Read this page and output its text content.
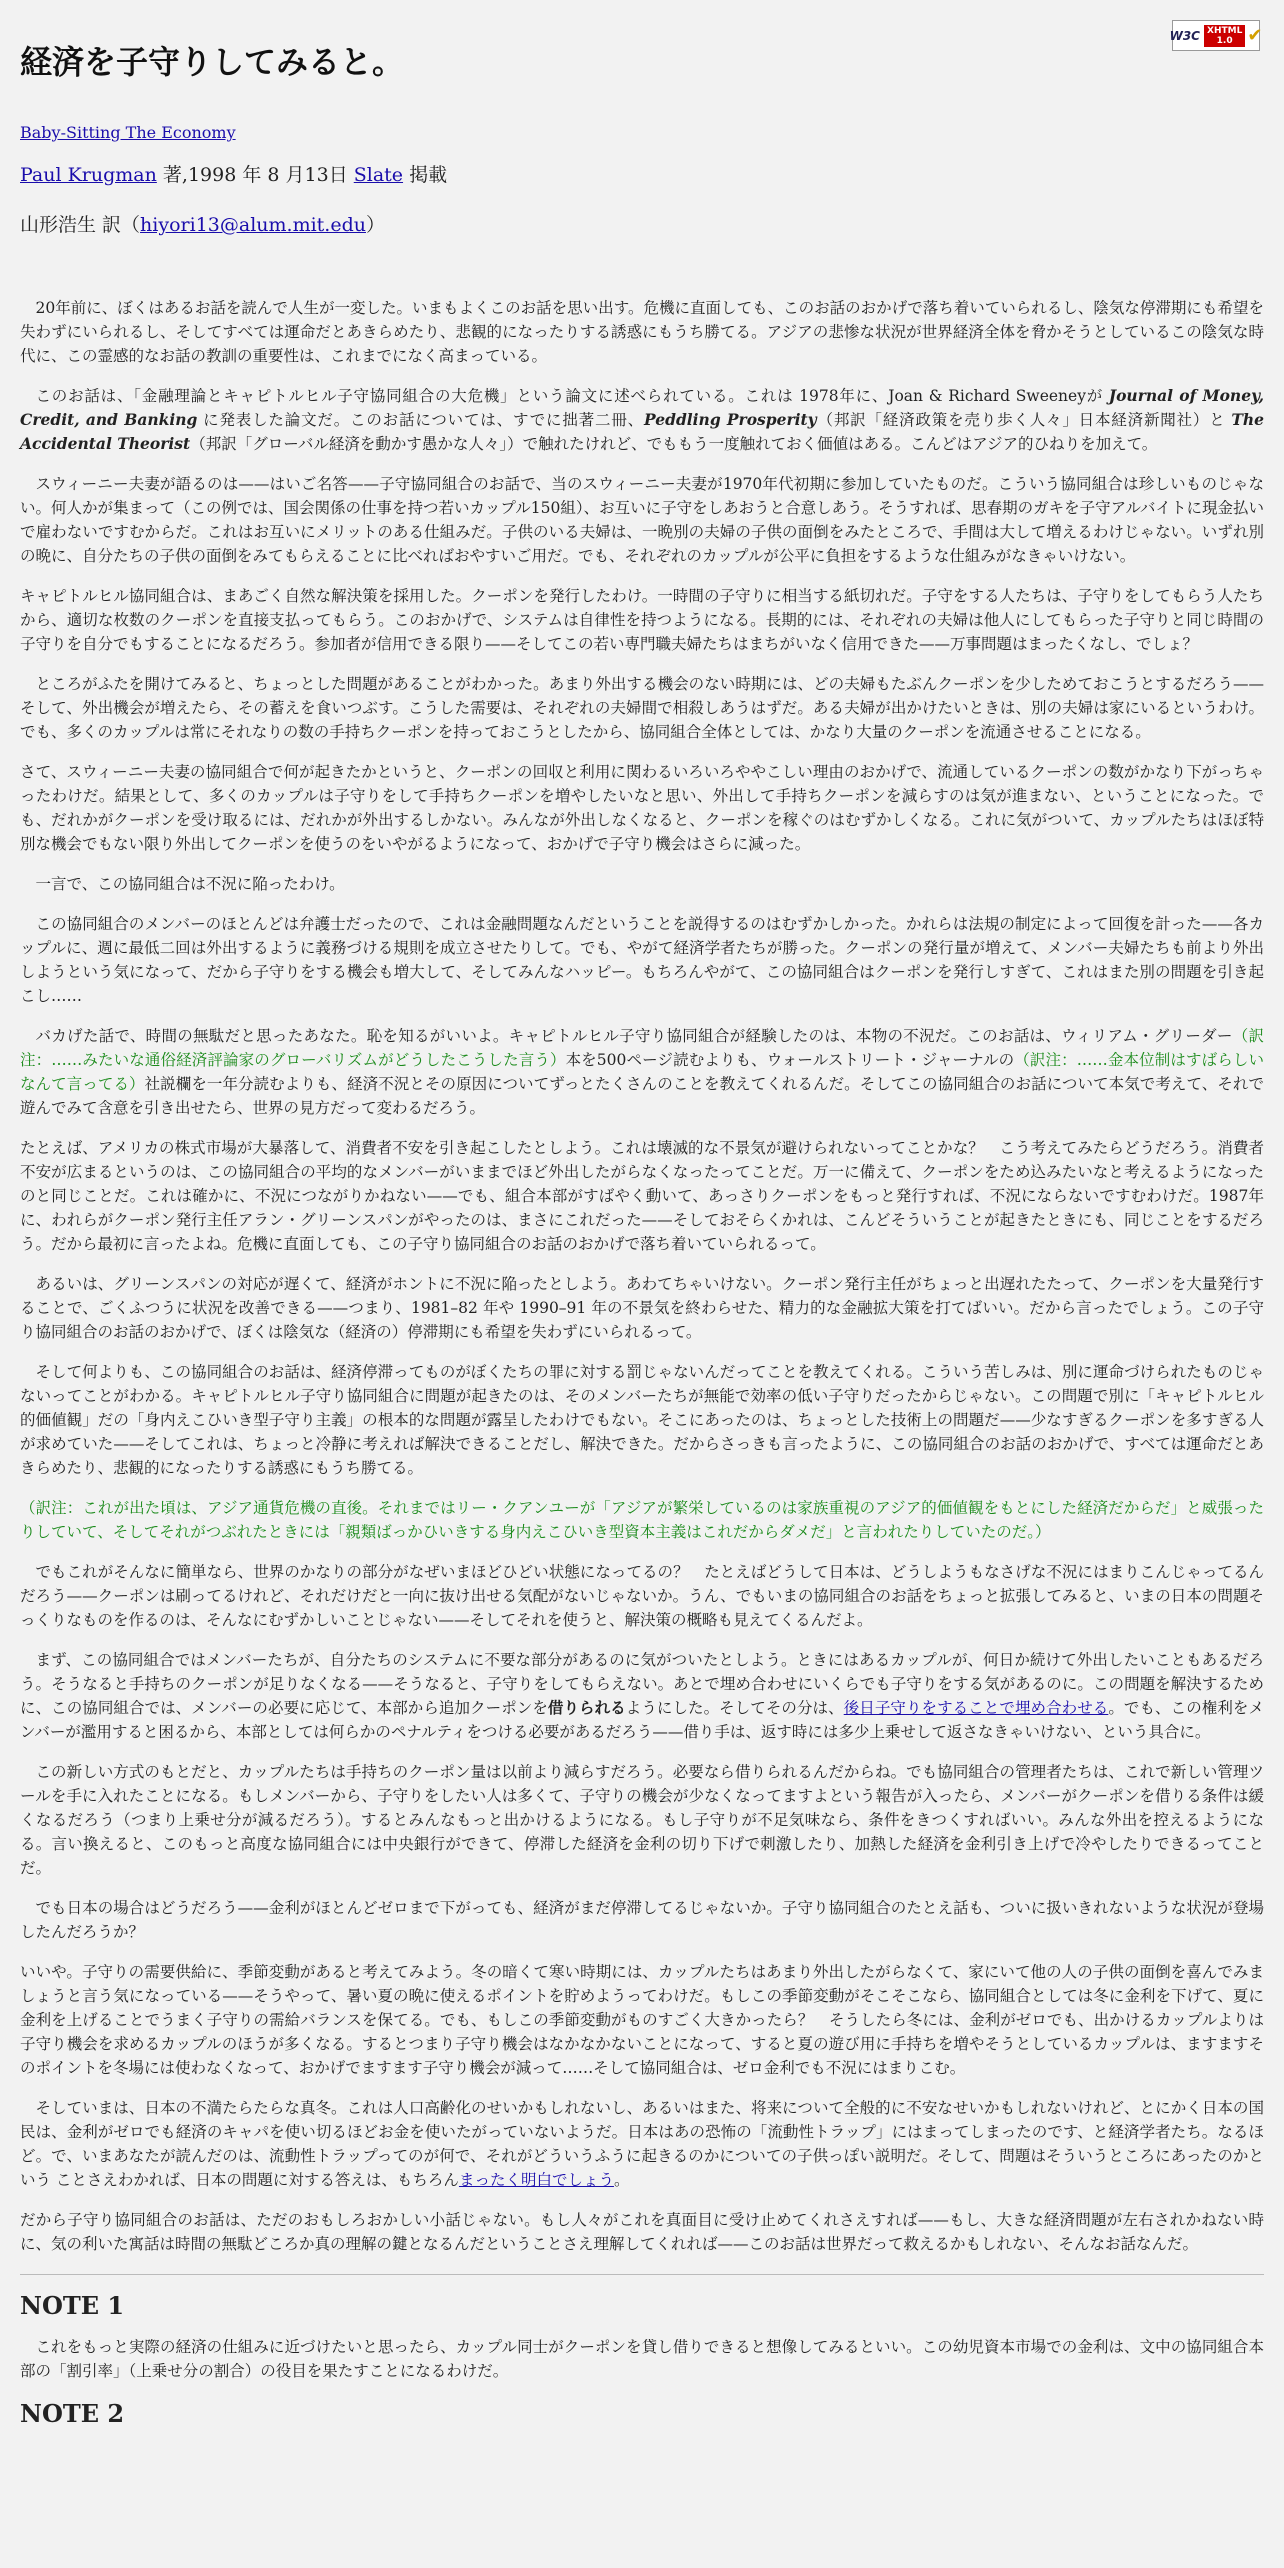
W3C XHTML
1.0 ✔
経済を子守りしてみると。
Baby-Sitting The Economy
Paul Krugman 著,1998 年 8 月13日 Slate 掲載
山形浩生 訳（hiyori13@alum.mit.edu）

20年前に、ぼくはあるお話を読んで人生が一変した。いまもよくこのお話を思い出す。危機に直面しても、このお話のおかげで落ち着いていられるし、陰気な停滞期にも希望を失わずにいられるし、そしてすべては運命だとあきらめたり、悲観的になったりする誘惑にもうち勝てる。アジアの悲惨な状況が世界経済全体を脅かそうとしているこの陰気な時代に、この霊感的なお話の教訓の重要性は、これまでになく高まっている。

このお話は、「金融理論とキャピトルヒル子守協同組合の大危機」という論文に述べられている。これは 1978年に、Joan & Richard Sweeneyが Journal of Money, Credit, and Banking に発表した論文だ。このお話については、すでに拙著二冊、Peddling Prosperity（邦訳「経済政策を売り歩く人々」日本経済新聞社）と The Accidental Theorist（邦訳「グローバル経済を動かす愚かな人々」）で触れたけれど、でももう一度触れておく価値はある。こんどはアジア的ひねりを加えて。

スウィーニー夫妻が語るのは——はいご名答——子守協同組合のお話で、当のスウィーニー夫妻が1970年代初期に参加していたものだ。こういう協同組合は珍しいものじゃない。何人かが集まって（この例では、国会関係の仕事を持つ若いカップル150組）、お互いに子守をしあおうと合意しあう。そうすれば、思春期のガキを子守アルバイトに現金払いで雇わないですむからだ。これはお互いにメリットのある仕組みだ。子供のいる夫婦は、一晩別の夫婦の子供の面倒をみたところで、手間は大して増えるわけじゃない。いずれ別の晩に、自分たちの子供の面倒をみてもらえることに比べればおやすいご用だ。でも、それぞれのカップルが公平に負担をするような仕組みがなきゃいけない。

キャピトルヒル協同組合は、まあごく自然な解決策を採用した。クーポンを発行したわけ。一時間の子守りに相当する紙切れだ。子守をする人たちは、子守りをしてもらう人たちから、適切な枚数のクーポンを直接支払ってもらう。このおかげで、システムは自律性を持つようになる。長期的には、それぞれの夫婦は他人にしてもらった子守りと同じ時間の子守りを自分でもすることになるだろう。参加者が信用できる限り——そしてこの若い専門職夫婦たちはまちがいなく信用できた——万事問題はまったくなし、でしょ？

ところがふたを開けてみると、ちょっとした問題があることがわかった。あまり外出する機会のない時期には、どの夫婦もたぶんクーポンを少しためておこうとするだろう——そして、外出機会が増えたら、その蓄えを食いつぶす。こうした需要は、それぞれの夫婦間で相殺しあうはずだ。ある夫婦が出かけたいときは、別の夫婦は家にいるというわけ。でも、多くのカップルは常にそれなりの数の手持ちクーポンを持っておこうとしたから、協同組合全体としては、かなり大量のクーポンを流通させることになる。

さて、スウィーニー夫妻の協同組合で何が起きたかというと、クーポンの回収と利用に関わるいろいろややこしい理由のおかげで、流通しているクーポンの数がかなり下がっちゃったわけだ。結果として、多くのカップルは子守りをして手持ちクーポンを増やしたいなと思い、外出して手持ちクーポンを減らすのは気が進まない、ということになった。でも、だれかがクーポンを受け取るには、だれかが外出するしかない。みんなが外出しなくなると、クーポンを稼ぐのはむずかしくなる。これに気がついて、カップルたちはほぼ特別な機会でもない限り外出してクーポンを使うのをいやがるようになって、おかげで子守り機会はさらに減った。

一言で、この協同組合は不況に陥ったわけ。

この協同組合のメンバーのほとんどは弁護士だったので、これは金融問題なんだということを説得するのはむずかしかった。かれらは法規の制定によって回復を計った——各カップルに、週に最低二回は外出するように義務づける規則を成立させたりして。でも、やがて経済学者たちが勝った。クーポンの発行量が増えて、メンバー夫婦たちも前より外出しようという気になって、だから子守りをする機会も増大して、そしてみんなハッピー。もちろんやがて、この協同組合はクーポンを発行しすぎて、これはまた別の問題を引き起こし……

バカげた話で、時間の無駄だと思ったあなた。恥を知るがいいよ。キャピトルヒル子守り協同組合が経験したのは、本物の不況だ。このお話は、ウィリアム・グリーダー（訳注：……みたいな通俗経済評論家のグローバリズムがどうしたこうした言う）本を500ページ読むよりも、ウォールストリート・ジャーナルの（訳注：……金本位制はすばらしいなんて言ってる）社説欄を一年分読むよりも、経済不況とその原因についてずっとたくさんのことを教えてくれるんだ。そしてこの協同組合のお話について本気で考えて、それで遊んでみて含意を引き出せたら、世界の見方だって変わるだろう。

たとえば、アメリカの株式市場が大暴落して、消費者不安を引き起こしたとしよう。これは壊滅的な不景気が避けられないってことかな？　こう考えてみたらどうだろう。消費者不安が広まるというのは、この協同組合の平均的なメンバーがいままでほど外出したがらなくなったってことだ。万一に備えて、クーポンをため込みたいなと考えるようになったのと同じことだ。これは確かに、不況につながりかねない——でも、組合本部がすばやく動いて、あっさりクーポンをもっと発行すれば、不況にならないですむわけだ。1987年に、われらがクーポン発行主任アラン・グリーンスパンがやったのは、まさにこれだった——そしておそらくかれは、こんどそういうことが起きたときにも、同じことをするだろう。だから最初に言ったよね。危機に直面しても、この子守り協同組合のお話のおかげで落ち着いていられるって。

あるいは、グリーンスパンの対応が遅くて、経済がホントに不況に陥ったとしよう。あわてちゃいけない。クーポン発行主任がちょっと出遅れたたって、クーポンを大量発行することで、ごくふつうに状況を改善できる——つまり、1981–82 年や 1990–91 年の不景気を終わらせた、精力的な金融拡大策を打てばいい。だから言ったでしょう。この子守り協同組合のお話のおかげで、ぼくは陰気な（経済の）停滞期にも希望を失わずにいられるって。

そして何よりも、この協同組合のお話は、経済停滞ってものがぼくたちの罪に対する罰じゃないんだってことを教えてくれる。こういう苦しみは、別に運命づけられたものじゃないってことがわかる。キャピトルヒル子守り協同組合に問題が起きたのは、そのメンバーたちが無能で効率の低い子守りだったからじゃない。この問題で別に「キャピトルヒル的価値観」だの「身内えこひいき型子守り主義」の根本的な問題が露呈したわけでもない。そこにあったのは、ちょっとした技術上の問題だ——少なすぎるクーポンを多すぎる人が求めていた——そしてこれは、ちょっと冷静に考えれば解決できることだし、解決できた。だからさっきも言ったように、この協同組合のお話のおかげで、すべては運命だとあきらめたり、悲観的になったりする誘惑にもうち勝てる。

（訳注：これが出た頃は、アジア通貨危機の直後。それまではリー・クアンユーが「アジアが繁栄しているのは家族重視のアジア的価値観をもとにした経済だからだ」と威張ったりしていて、そしてそれがつぶれたときには「親類ばっかひいきする身内えこひいき型資本主義はこれだからダメだ」と言われたりしていたのだ。）

でもこれがそんなに簡単なら、世界のかなりの部分がなぜいまほどひどい状態になってるの？　たとえばどうして日本は、どうしようもなさげな不況にはまりこんじゃってるんだろう——クーポンは刷ってるけれど、それだけだと一向に抜け出せる気配がないじゃないか。うん、でもいまの協同組合のお話をちょっと拡張してみると、いまの日本の問題そっくりなものを作るのは、そんなにむずかしいことじゃない——そしてそれを使うと、解決策の概略も見えてくるんだよ。

まず、この協同組合ではメンバーたちが、自分たちのシステムに不要な部分があるのに気がついたとしよう。ときにはあるカップルが、何日か続けて外出したいこともあるだろう。そうなると手持ちのクーポンが足りなくなる——そうなると、子守りをしてもらえない。あとで埋め合わせにいくらでも子守りをする気があるのに。この問題を解決するために、この協同組合では、メンバーの必要に応じて、本部から追加クーポンを借りられるようにした。そしてその分は、後日子守りをすることで埋め合わせる。でも、この権利をメンバーが濫用すると困るから、本部としては何らかのペナルティをつける必要があるだろう——借り手は、返す時には多少上乗せして返さなきゃいけない、という具合に。

この新しい方式のもとだと、カップルたちは手持ちのクーポン量は以前より減らすだろう。必要なら借りられるんだからね。でも協同組合の管理者たちは、これで新しい管理ツールを手に入れたことになる。もしメンバーから、子守りをしたい人は多くて、子守りの機会が少なくなってますよという報告が入ったら、メンバーがクーポンを借りる条件は緩くなるだろう（つまり上乗せ分が減るだろう）。するとみんなもっと出かけるようになる。もし子守りが不足気味なら、条件をきつくすればいい。みんな外出を控えるようになる。言い換えると、このもっと高度な協同組合には中央銀行ができて、停滞した経済を金利の切り下げで刺激したり、加熱した経済を金利引き上げで冷やしたりできるってことだ。

でも日本の場合はどうだろう——金利がほとんどゼロまで下がっても、経済がまだ停滞してるじゃないか。子守り協同組合のたとえ話も、ついに扱いきれないような状況が登場したんだろうか？

いいや。子守りの需要供給に、季節変動があると考えてみよう。冬の暗くて寒い時期には、カップルたちはあまり外出したがらなくて、家にいて他の人の子供の面倒を喜んでみましょうと言う気になっている——そうやって、暑い夏の晩に使えるポイントを貯めようってわけだ。もしこの季節変動がそこそこなら、協同組合としては冬に金利を下げて、夏に金利を上げることでうまく子守りの需給バランスを保てる。でも、もしこの季節変動がものすごく大きかったら？　そうしたら冬には、金利がゼロでも、出かけるカップルよりは子守り機会を求めるカップルのほうが多くなる。するとつまり子守り機会はなかなかないことになって、すると夏の遊び用に手持ちを増やそうとしているカップルは、ますますそのポイントを冬場には使わなくなって、おかげでますます子守り機会が減って……そして協同組合は、ゼロ金利でも不況にはまりこむ。

そしていまは、日本の不満たらたらな真冬。これは人口高齢化のせいかもしれないし、あるいはまた、将来について全般的に不安なせいかもしれないけれど、とにかく日本の国民は、金利がゼロでも経済のキャパを使い切るほどお金を使いたがっていないようだ。日本はあの恐怖の「流動性トラップ」にはまってしまったのです、と経済学者たち。なるほど。で、いまあなたが読んだのは、流動性トラップってのが何で、それがどういうふうに起きるのかについての子供っぽい説明だ。そして、問題はそういうところにあったのかという ことさえわかれば、日本の問題に対する答えは、もちろんまったく明白でしょう。

だから子守り協同組合のお話は、ただのおもしろおかしい小話じゃない。もし人々がこれを真面目に受け止めてくれさえすれば——もし、大きな経済問題が左右されかねない時に、気の利いた寓話は時間の無駄どころか真の理解の鍵となるんだということさえ理解してくれれば——このお話は世界だって救えるかもしれない、そんなお話なんだ。

NOTE 1

これをもっと実際の経済の仕組みに近づけたいと思ったら、カップル同士がクーポンを貸し借りできると想像してみるといい。この幼児資本市場での金利は、文中の協同組合本部の「割引率」（上乗せ分の割合）の役目を果たすことになるわけだ。

NOTE 2
